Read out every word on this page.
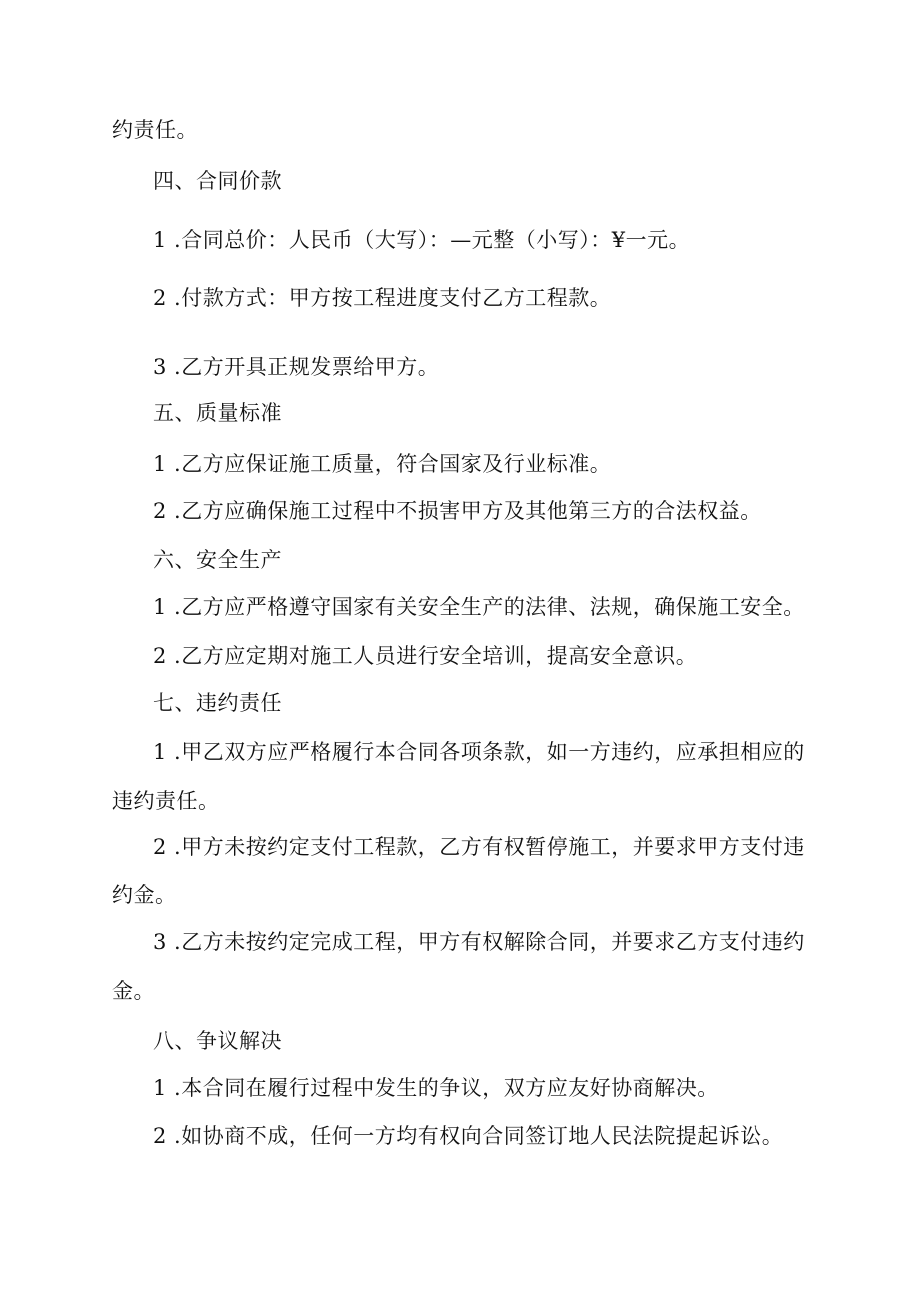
约责任。
四、合同价款
1 .合同总价：人民币（大写）：—元整（小写）：¥一元。
2 .付款方式：甲方按工程进度支付乙方工程款。
3 .乙方开具正规发票给甲方。
五、质量标准
1 .乙方应保证施工质量，符合国家及行业标准。
2 .乙方应确保施工过程中不损害甲方及其他第三方的合法权益。
六、安全生产
1 .乙方应严格遵守国家有关安全生产的法律、法规，确保施工安全。
2 .乙方应定期对施工人员进行安全培训，提高安全意识。
七、违约责任
1 .甲乙双方应严格履行本合同各项条款，如一方违约，应承担相应的
违约责任。
2 .甲方未按约定支付工程款，乙方有权暂停施工，并要求甲方支付违
约金。
3 .乙方未按约定完成工程，甲方有权解除合同，并要求乙方支付违约
金。
八、争议解决
1 .本合同在履行过程中发生的争议，双方应友好协商解决。
2 .如协商不成，任何一方均有权向合同签订地人民法院提起诉讼。
